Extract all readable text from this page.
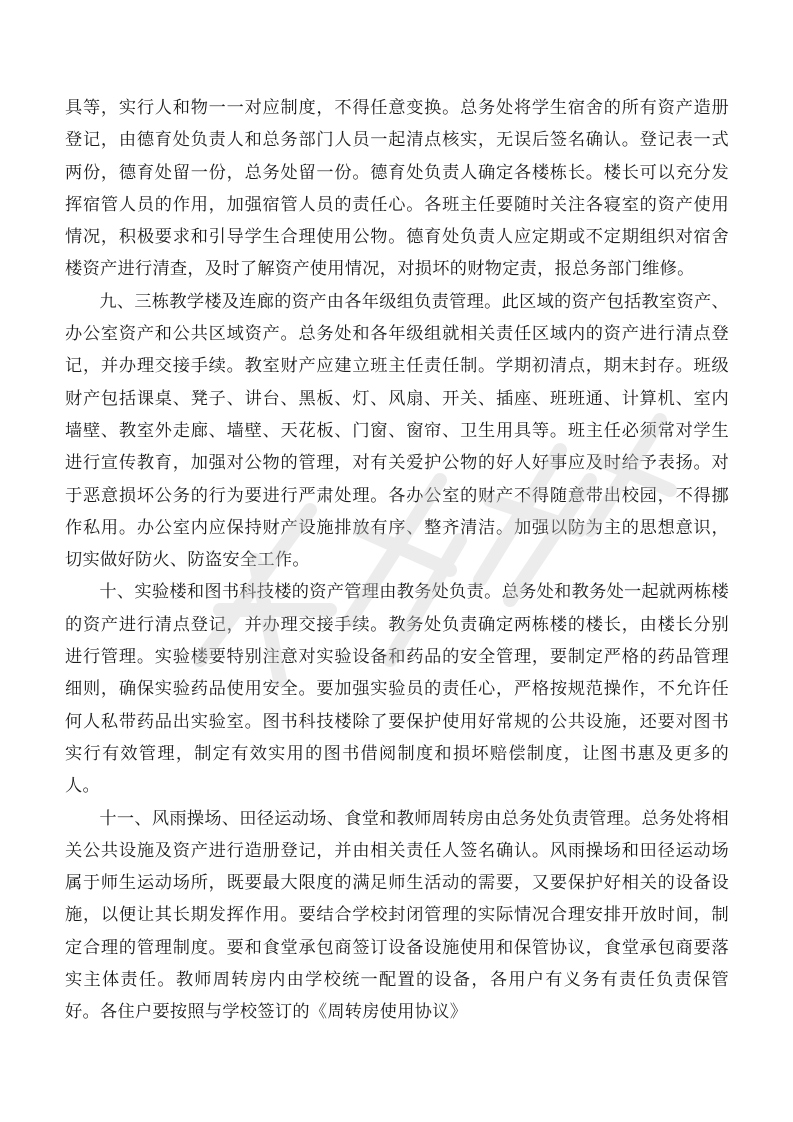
具等，实行人和物一一对应制度，不得任意变换。总务处将学生宿舍的所有资产造册登记，由德育处负责人和总务部门人员一起清点核实，无误后签名确认。登记表一式两份，德育处留一份，总务处留一份。德育处负责人确定各楼栋长。楼长可以充分发挥宿管人员的作用，加强宿管人员的责任心。各班主任要随时关注各寝室的资产使用情况，积极要求和引导学生合理使用公物。德育处负责人应定期或不定期组织对宿舍楼资产进行清查，及时了解资产使用情况，对损坏的财物定责，报总务部门维修。

九、三栋教学楼及连廊的资产由各年级组负责管理。此区域的资产包括教室资产、办公室资产和公共区域资产。总务处和各年级组就相关责任区域内的资产进行清点登记，并办理交接手续。教室财产应建立班主任责任制。学期初清点，期末封存。班级财产包括课桌、凳子、讲台、黑板、灯、风扇、开关、插座、班班通、计算机、室内墙壁、教室外走廊、墙壁、天花板、门窗、窗帘、卫生用具等。班主任必须常对学生进行宣传教育，加强对公物的管理，对有关爱护公物的好人好事应及时给予表扬。对于恶意损坏公务的行为要进行严肃处理。各办公室的财产不得随意带出校园，不得挪作私用。办公室内应保持财产设施排放有序、整齐清洁。加强以防为主的思想意识，切实做好防火、防盗安全工作。

十、实验楼和图书科技楼的资产管理由教务处负责。总务处和教务处一起就两栋楼的资产进行清点登记，并办理交接手续。教务处负责确定两栋楼的楼长，由楼长分别进行管理。实验楼要特别注意对实验设备和药品的安全管理，要制定严格的药品管理细则，确保实验药品使用安全。要加强实验员的责任心，严格按规范操作，不允许任何人私带药品出实验室。图书科技楼除了要保护使用好常规的公共设施，还要对图书实行有效管理，制定有效实用的图书借阅制度和损坏赔偿制度，让图书惠及更多的人。

十一、风雨操场、田径运动场、食堂和教师周转房由总务处负责管理。总务处将相关公共设施及资产进行造册登记，并由相关责任人签名确认。风雨操场和田径运动场属于师生运动场所，既要最大限度的满足师生活动的需要，又要保护好相关的设备设施，以便让其长期发挥作用。要结合学校封闭管理的实际情况合理安排开放时间，制定合理的管理制度。要和食堂承包商签订设备设施使用和保管协议，食堂承包商要落实主体责任。教师周转房内由学校统一配置的设备，各用户有义务有责任负责保管好。各住户要按照与学校签订的《周转房使用协议》
